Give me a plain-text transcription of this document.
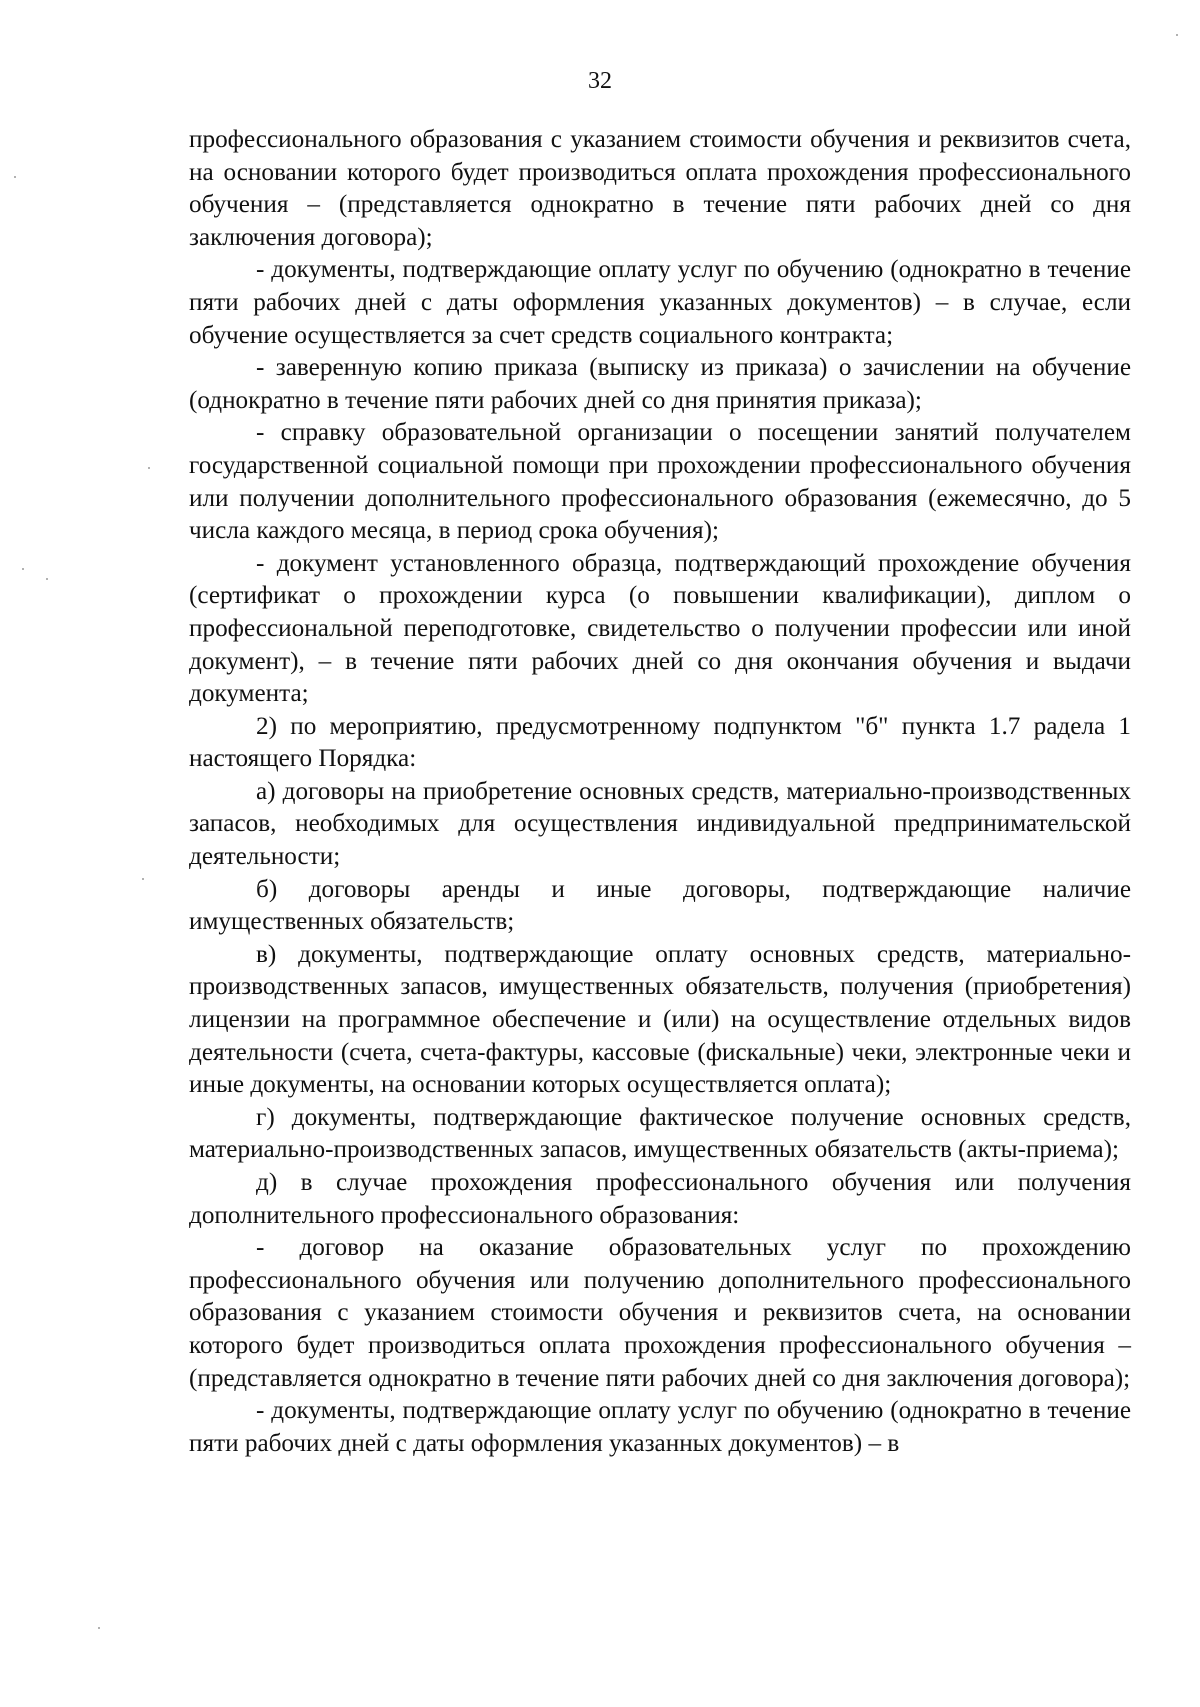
32

профессионального образования с указанием стоимости обучения и реквизитов счета, на основании которого будет производиться оплата прохождения профессионального обучения – (представляется однократно в течение пяти рабочих дней со дня заключения договора);

- документы, подтверждающие оплату услуг по обучению (однократно в течение пяти рабочих дней с даты оформления указанных документов) – в случае, если обучение осуществляется за счет средств социального контракта;

- заверенную копию приказа (выписку из приказа) о зачислении на обучение (однократно в течение пяти рабочих дней со дня принятия приказа);

- справку образовательной организации о посещении занятий получателем государственной социальной помощи при прохождении профессионального обучения или получении дополнительного профессионального образования (ежемесячно, до 5 числа каждого месяца, в период срока обучения);

- документ установленного образца, подтверждающий прохождение обучения (сертификат о прохождении курса (о повышении квалификации), диплом о профессиональной переподготовке, свидетельство о получении профессии или иной документ), – в течение пяти рабочих дней со дня окончания обучения и выдачи документа;

2) по мероприятию, предусмотренному подпунктом "б" пункта 1.7 радела 1 настоящего Порядка:

а) договоры на приобретение основных средств, материально-производственных запасов, необходимых для осуществления индивидуальной предпринимательской деятельности;

б) договоры аренды и иные договоры, подтверждающие наличие имущественных обязательств;

в) документы, подтверждающие оплату основных средств, материально-производственных запасов, имущественных обязательств, получения (приобретения) лицензии на программное обеспечение и (или) на осуществление отдельных видов деятельности (счета, счета-фактуры, кассовые (фискальные) чеки, электронные чеки и иные документы, на основании которых осуществляется оплата);

г) документы, подтверждающие фактическое получение основных средств, материально-производственных запасов, имущественных обязательств (акты-приема);

д) в случае прохождения профессионального обучения или получения дополнительного профессионального образования:

- договор на оказание образовательных услуг по прохождению профессионального обучения или получению дополнительного профессионального образования с указанием стоимости обучения и реквизитов счета, на основании которого будет производиться оплата прохождения профессионального обучения – (представляется однократно в течение пяти рабочих дней со дня заключения договора);

- документы, подтверждающие оплату услуг по обучению (однократно в течение пяти рабочих дней с даты оформления указанных документов) – в
